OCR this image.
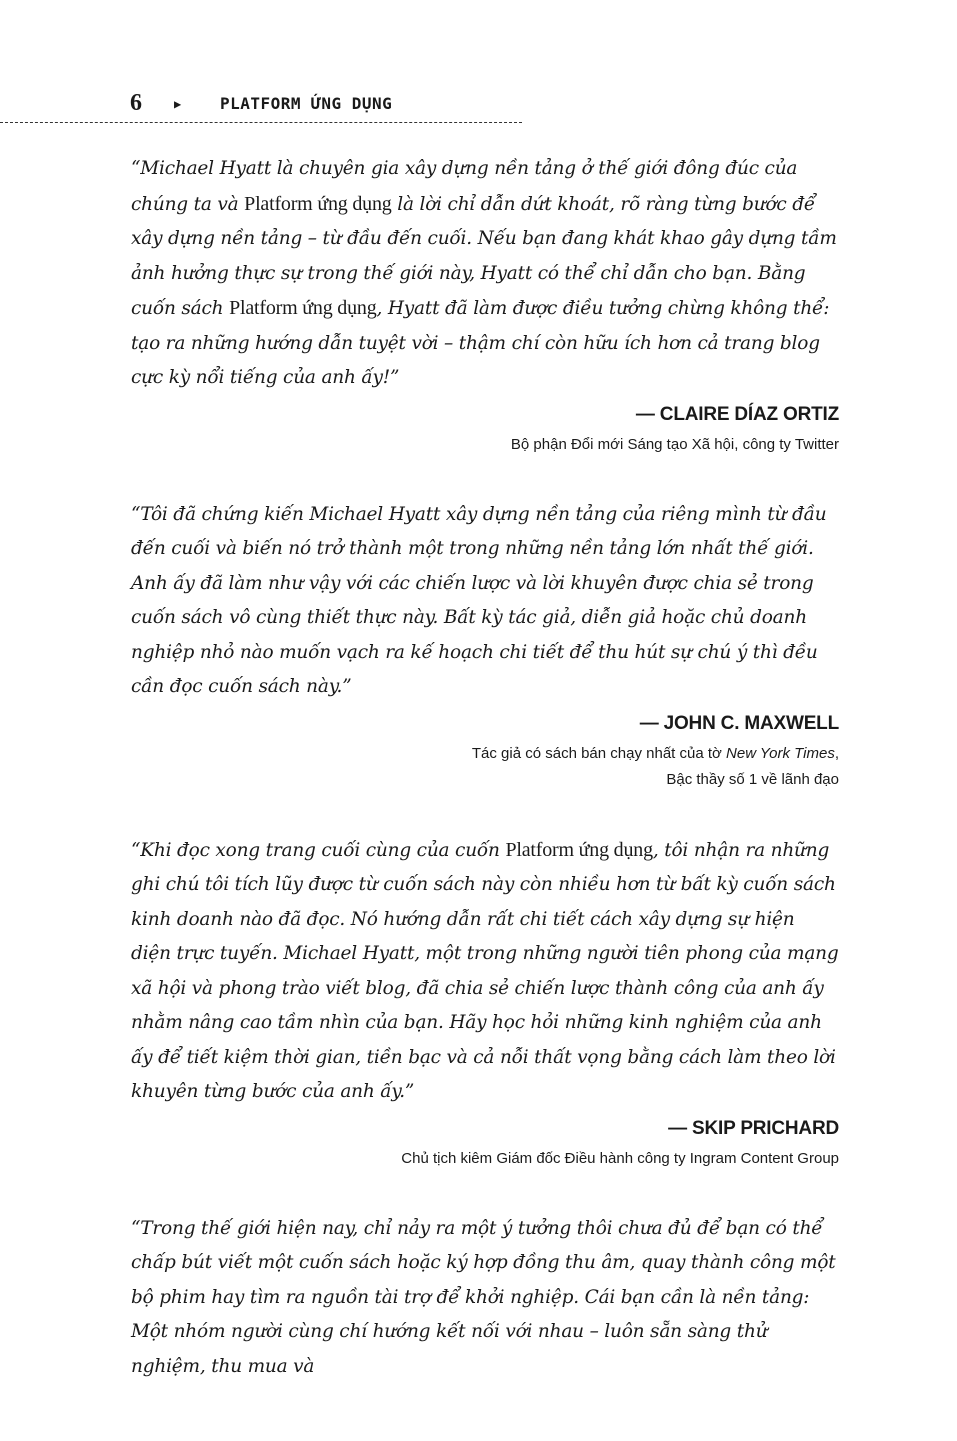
6	▶	PLATFORM ỨNG DỤNG

“Michael Hyatt là chuyên gia xây dựng nền tảng ở thế giới đông đúc của chúng ta và Platform ứng dụng là lời chỉ dẫn dứt khoát, rõ ràng từng bước để xây dựng nền tảng – từ đầu đến cuối. Nếu bạn đang khát khao gây dựng tầm ảnh hưởng thực sự trong thế giới này, Hyatt có thể chỉ dẫn cho bạn. Bằng cuốn sách Platform ứng dụng, Hyatt đã làm được điều tưởng chừng không thể: tạo ra những hướng dẫn tuyệt vời – thậm chí còn hữu ích hơn cả trang blog cực kỳ nổi tiếng của anh ấy!”

— CLAIRE DÍAZ ORTIZ
Bộ phận Đổi mới Sáng tạo Xã hội, công ty Twitter

“Tôi đã chứng kiến Michael Hyatt xây dựng nền tảng của riêng mình từ đầu đến cuối và biến nó trở thành một trong những nền tảng lớn nhất thế giới. Anh ấy đã làm như vậy với các chiến lược và lời khuyên được chia sẻ trong cuốn sách vô cùng thiết thực này. Bất kỳ tác giả, diễn giả hoặc chủ doanh nghiệp nhỏ nào muốn vạch ra kế hoạch chi tiết để thu hút sự chú ý thì đều cần đọc cuốn sách này.”

— JOHN C. MAXWELL
Tác giả có sách bán chạy nhất của tờ New York Times,
Bậc thầy số 1 về lãnh đạo

“Khi đọc xong trang cuối cùng của cuốn Platform ứng dụng, tôi nhận ra những ghi chú tôi tích lũy được từ cuốn sách này còn nhiều hơn từ bất kỳ cuốn sách kinh doanh nào đã đọc. Nó hướng dẫn rất chi tiết cách xây dựng sự hiện diện trực tuyến. Michael Hyatt, một trong những người tiên phong của mạng xã hội và phong trào viết blog, đã chia sẻ chiến lược thành công của anh ấy nhằm nâng cao tầm nhìn của bạn. Hãy học hỏi những kinh nghiệm của anh ấy để tiết kiệm thời gian, tiền bạc và cả nỗi thất vọng bằng cách làm theo lời khuyên từng bước của anh ấy.”

— SKIP PRICHARD
Chủ tịch kiêm Giám đốc Điều hành công ty Ingram Content Group

“Trong thế giới hiện nay, chỉ nảy ra một ý tưởng thôi chưa đủ để bạn có thể chấp bút viết một cuốn sách hoặc ký hợp đồng thu âm, quay thành công một bộ phim hay tìm ra nguồn tài trợ để khởi nghiệp. Cái bạn cần là nền tảng: Một nhóm người cùng chí hướng kết nối với nhau – luôn sẵn sàng thử nghiệm, thu mua và
